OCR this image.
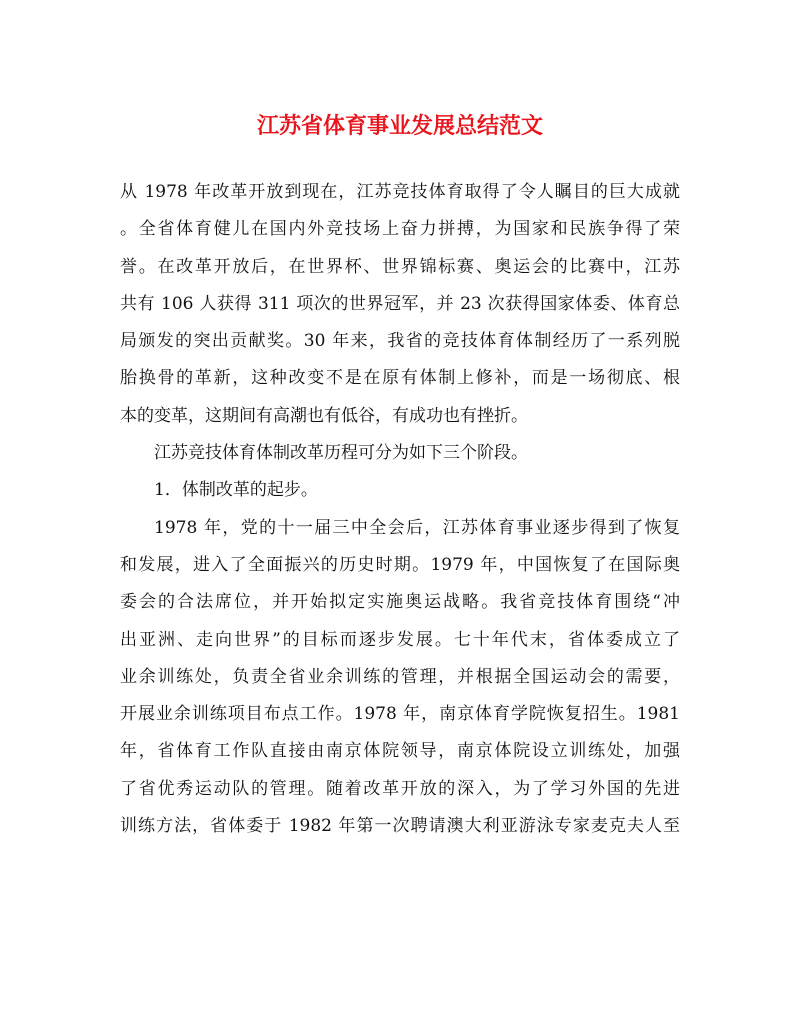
江苏省体育事业发展总结范文

从 1978 年改革开放到现在，江苏竞技体育取得了令人瞩目的巨大成就

。全省体育健儿在国内外竞技场上奋力拼搏，为国家和民族争得了荣

誉。在改革开放后，在世界杯、世界锦标赛、奥运会的比赛中，江苏

共有 106 人获得 311 项次的世界冠军，并 23 次获得国家体委、体育总

局颁发的突出贡献奖。30 年来，我省的竞技体育体制经历了一系列脱

胎换骨的革新，这种改变不是在原有体制上修补，而是一场彻底、根

本的变革，这期间有高潮也有低谷，有成功也有挫折。

江苏竞技体育体制改革历程可分为如下三个阶段。

1．体制改革的起步。

1978 年，党的十一届三中全会后，江苏体育事业逐步得到了恢复

和发展，进入了全面振兴的历史时期。1979 年，中国恢复了在国际奥

委会的合法席位，并开始拟定实施奥运战略。我省竞技体育围绕“冲

出亚洲、走向世界”的目标而逐步发展。七十年代末，省体委成立了

业余训练处，负责全省业余训练的管理，并根据全国运动会的需要，

开展业余训练项目布点工作。1978 年，南京体育学院恢复招生。1981

年，省体育工作队直接由南京体院领导，南京体院设立训练处，加强

了省优秀运动队的管理。随着改革开放的深入，为了学习外国的先进

训练方法，省体委于 1982 年第一次聘请澳大利亚游泳专家麦克夫人至
